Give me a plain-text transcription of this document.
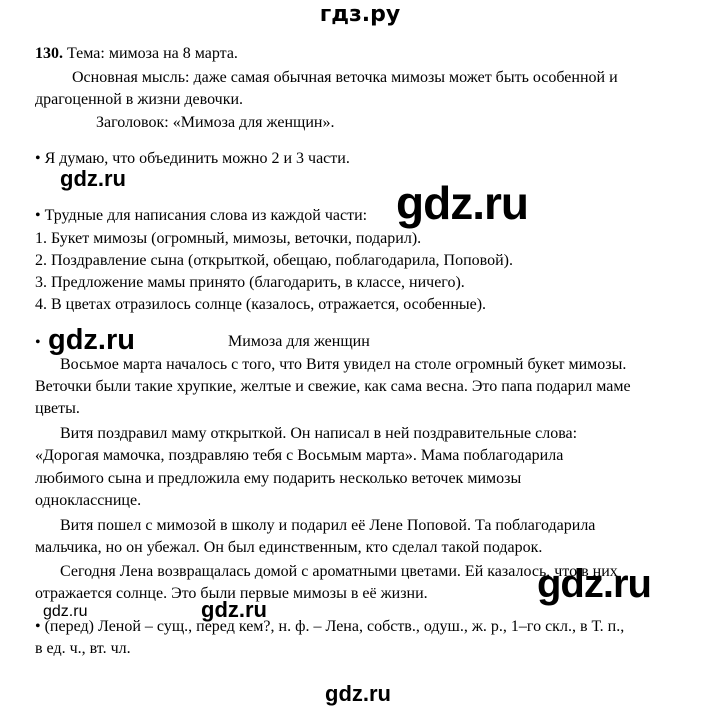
гдз.ру
130. Тема: мимоза на 8 марта.
Основная мысль: даже самая обычная веточка мимозы может быть особенной и
драгоценной в жизни девочки.
Заголовок: «Мимоза для женщин».
• Я думаю, что объединить можно 2 и 3 части.
gdz.ru
• Трудные для написания слова из каждой части: gdz.ru
1. Букет мимозы (огромный, мимозы, веточки, подарил).
2. Поздравление сына (открыткой, обещаю, поблагодарила, Поповой).
3. Предложение мамы принято (благодарить, в классе, ничего).
4. В цветах отразилось солнце (казалось, отражается, особенные).
• gdz.ru	Мимоза для женщин
Восьмое марта началось с того, что Витя увидел на столе огромный букет мимозы.
Веточки были такие хрупкие, желтые и свежие, как сама весна. Это папа подарил маме
цветы.
Витя поздравил маму открыткой. Он написал в ней поздравительные слова:
«Дорогая мамочка, поздравляю тебя с Восьмым марта». Мама поблагодарила
любимого сына и предложила ему подарить несколько веточек мимозы
однокласснице.
Витя пошел с мимозой в школу и подарил её Лене Поповой. Та поблагодарила
мальчика, но он убежал. Он был единственным, кто сделал такой подарок.
Сегодня Лена возвращалась домой с ароматными цветами. Ей казалось, что в них
отражается солнце. Это были первые мимозы в её жизни.	gdz.ru
gdz.ru	gdz.ru
• (перед) Леной – сущ., перед кем?, н. ф. – Лена, собств., одуш., ж. р., 1–го скл., в Т. п.,
в ед. ч., вт. чл.
gdz.ru
